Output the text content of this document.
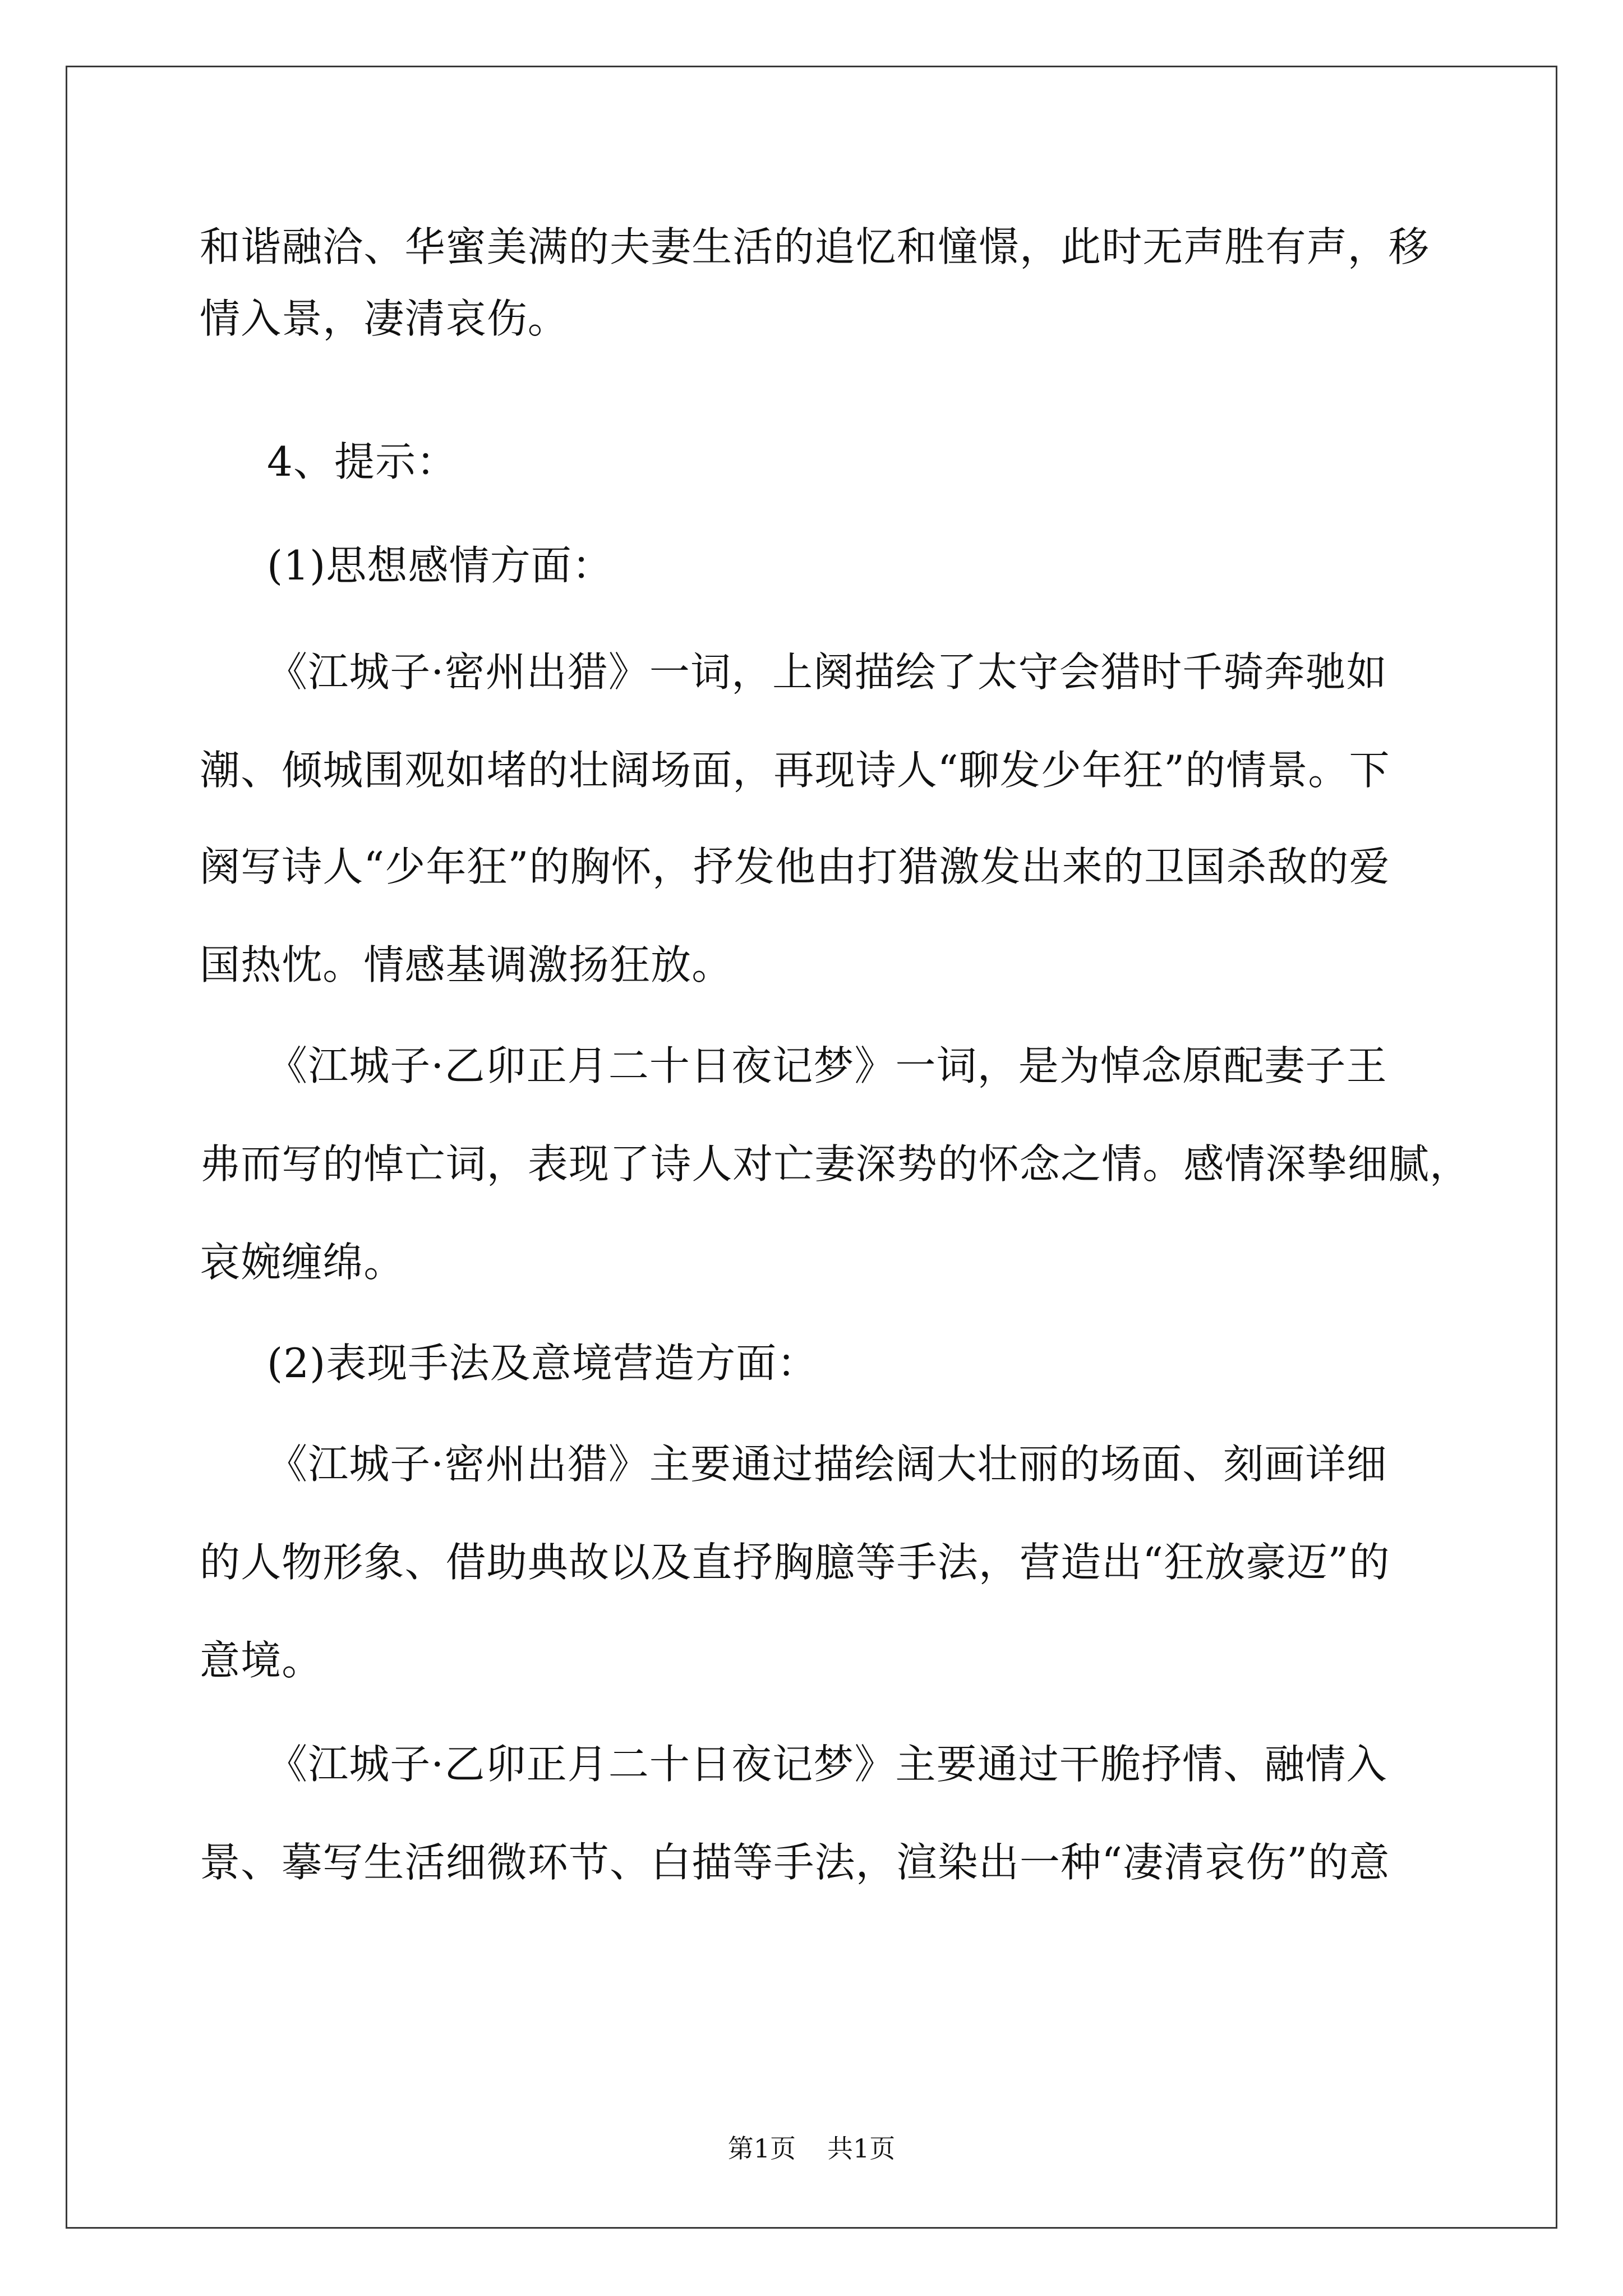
和谐融洽、华蜜美满的夫妻生活的追忆和憧憬，此时无声胜有声，移
情入景，凄清哀伤。
4、提示：
(1)思想感情方面：
《江城子·密州出猎》一词，上阕描绘了太守会猎时千骑奔驰如
潮、倾城围观如堵的壮阔场面，再现诗人“聊发少年狂”的情景。下
阕写诗人“少年狂”的胸怀，抒发他由打猎激发出来的卫国杀敌的爱
国热忱。情感基调激扬狂放。
《江城子·乙卯正月二十日夜记梦》一词，是为悼念原配妻子王
弗而写的悼亡词，表现了诗人对亡妻深势的怀念之情。感情深挚细腻，
哀婉缠绵。
(2)表现手法及意境营造方面：
《江城子·密州出猎》主要通过描绘阔大壮丽的场面、刻画详细
的人物形象、借助典故以及直抒胸臆等手法，营造出“狂放豪迈”的
意境。
《江城子·乙卯正月二十日夜记梦》主要通过干脆抒情、融情入
景、摹写生活细微环节、白描等手法，渲染出一种“凄清哀伤”的意
第1页 共1页
